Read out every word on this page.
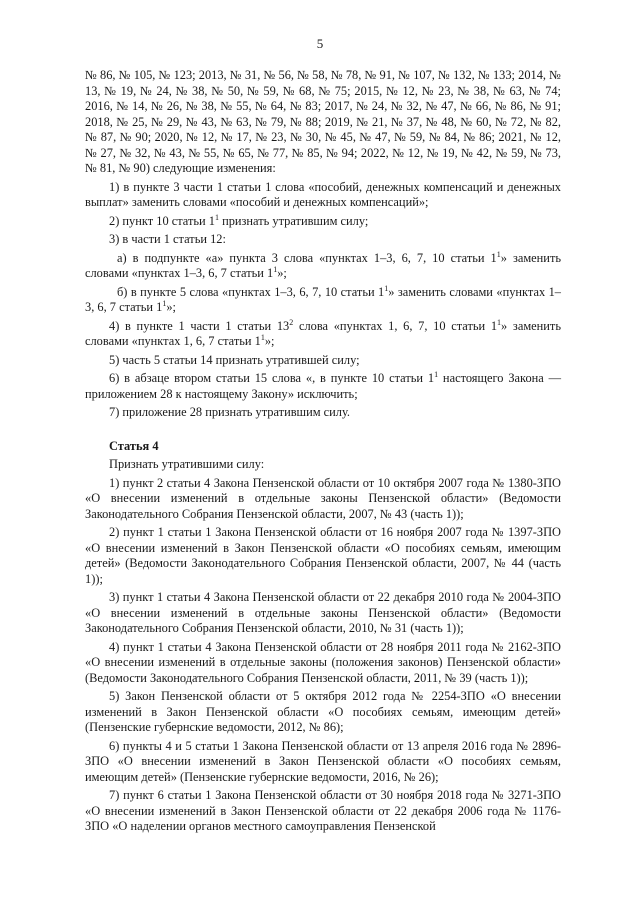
5

№ 86, № 105, № 123; 2013, № 31, № 56, № 58, № 78, № 91, № 107, № 132, № 133; 2014, № 13, № 19, № 24, № 38, № 50, № 59, № 68, № 75; 2015, № 12, № 23, № 38, № 63, № 74; 2016, № 14, № 26, № 38, № 55, № 64, № 83; 2017, № 24, № 32, № 47, № 66, № 86, № 91; 2018, № 25, № 29, № 43, № 63, № 79, № 88; 2019, № 21, № 37, № 48, № 60, № 72, № 82, № 87, № 90; 2020, № 12, № 17, № 23, № 30, № 45, № 47, № 59, № 84, № 86; 2021, № 12, № 27, № 32, № 43, № 55, № 65, № 77, № 85, № 94; 2022, № 12, № 19, № 42, № 59, № 73, № 81, № 90) следующие изменения:

1) в пункте 3 части 1 статьи 1 слова «пособий, денежных компенсаций и денежных выплат» заменить словами «пособий и денежных компенсаций»;

2) пункт 10 статьи $1^1$ признать утратившим силу;

3) в части 1 статьи 12:

а) в подпункте «а» пункта 3 слова «пунктах 1–3, 6, 7, 10 статьи $1^1$» заменить словами «пунктах 1–3, 6, 7 статьи $1^1$»;

б) в пункте 5 слова «пунктах 1–3, 6, 7, 10 статьи $1^1$» заменить словами «пунктах 1–3, 6, 7 статьи $1^1$»;

4) в пункте 1 части 1 статьи $13^2$ слова «пунктах 1, 6, 7, 10 статьи $1^1$» заменить словами «пунктах 1, 6, 7 статьи $1^1$»;

5) часть 5 статьи 14 признать утратившей силу;

6) в абзаце втором статьи 15 слова «, в пункте 10 статьи $1^1$ настоящего Закона — приложением 28 к настоящему Закону» исключить;

7) приложение 28 признать утратившим силу.

Статья 4

Признать утратившими силу:

1) пункт 2 статьи 4 Закона Пензенской области от 10 октября 2007 года № 1380-ЗПО «О внесении изменений в отдельные законы Пензенской области» (Ведомости Законодательного Собрания Пензенской области, 2007, № 43 (часть 1));

2) пункт 1 статьи 1 Закона Пензенской области от 16 ноября 2007 года № 1397-ЗПО «О внесении изменений в Закон Пензенской области «О пособиях семьям, имеющим детей» (Ведомости Законодательного Собрания Пензенской области, 2007, № 44 (часть 1));

3) пункт 1 статьи 4 Закона Пензенской области от 22 декабря 2010 года № 2004-ЗПО «О внесении изменений в отдельные законы Пензенской области» (Ведомости Законодательного Собрания Пензенской области, 2010, № 31 (часть 1));

4) пункт 1 статьи 4 Закона Пензенской области от 28 ноября 2011 года № 2162-ЗПО «О внесении изменений в отдельные законы (положения законов) Пензенской области» (Ведомости Законодательного Собрания Пензенской области, 2011, № 39 (часть 1));

5) Закон Пензенской области от 5 октября 2012 года № 2254-ЗПО «О внесении изменений в Закон Пензенской области «О пособиях семьям, имеющим детей» (Пензенские губернские ведомости, 2012, № 86);

6) пункты 4 и 5 статьи 1 Закона Пензенской области от 13 апреля 2016 года № 2896-ЗПО «О внесении изменений в Закон Пензенской области «О пособиях семьям, имеющим детей» (Пензенские губернские ведомости, 2016, № 26);

7) пункт 6 статьи 1 Закона Пензенской области от 30 ноября 2018 года № 3271-ЗПО «О внесении изменений в Закон Пензенской области от 22 декабря 2006 года № 1176-ЗПО «О наделении органов местного самоуправления Пензенской
